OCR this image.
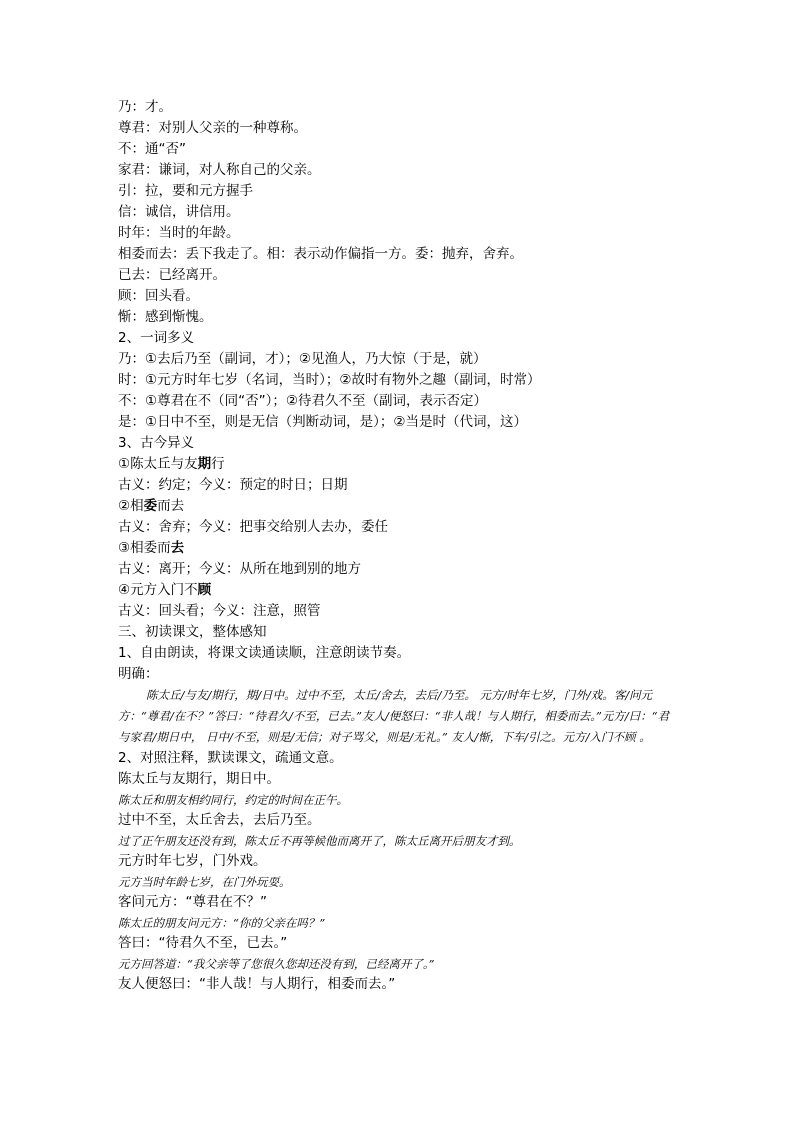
乃：才。
尊君：对别人父亲的一种尊称。
不：通“否”
家君：谦词，对人称自己的父亲。
引：拉，要和元方握手
信：诚信，讲信用。
时年：当时的年龄。
相委而去：丢下我走了。相：表示动作偏指一方。委：抛弃，舍弃。
已去：已经离开。
顾：回头看。
惭：感到惭愧。
2、一词多义
乃：①去后乃至（副词，才）；②见渔人，乃大惊（于是，就）
时：①元方时年七岁（名词，当时）；②故时有物外之趣（副词，时常）
不：①尊君在不（同“否”）；②待君久不至（副词，表示否定）
是：①日中不至，则是无信（判断动词，是）；②当是时（代词，这）
3、古今异义
①陈太丘与友期行
古义：约定；今义：预定的时日；日期
②相委而去
古义：舍弃；今义：把事交给别人去办，委任
③相委而去
古义：离开；今义：从所在地到别的地方
④元方入门不顾
古义：回头看；今义：注意，照管
三、初读课文，整体感知
1、自由朗读，将课文读通读顺，注意朗读节奏。
明确：
陈太丘/与友/期行，期/日中。过中不至，太丘/舍去，去后/乃至。 元方/时年七岁，门外/戏。客/问元方：“尊君/在不？”答曰：“待君久/不至，已去。”友人/便怒曰：“非人哉！与人期行，相委而去。”元方/曰：“君与家君/期日中， 日中/不至，则是/无信；对子骂父，则是/无礼。” 友人/惭，下车/引之。元方/入门不顾 。
2、对照注释，默读课文，疏通文意。
陈太丘与友期行，期日中。
陈太丘和朋友相约同行，约定的时间在正午。
过中不至，太丘舍去，去后乃至。
过了正午朋友还没有到，陈太丘不再等候他而离开了，陈太丘离开后朋友才到。
元方时年七岁，门外戏。
元方当时年龄七岁，在门外玩耍。
客问元方：“尊君在不？”
陈太丘的朋友问元方：“你的父亲在吗？”
答曰：“待君久不至，已去。”
元方回答道：“我父亲等了您很久您却还没有到，已经离开了。”
友人便怒曰：“非人哉！与人期行，相委而去。”
